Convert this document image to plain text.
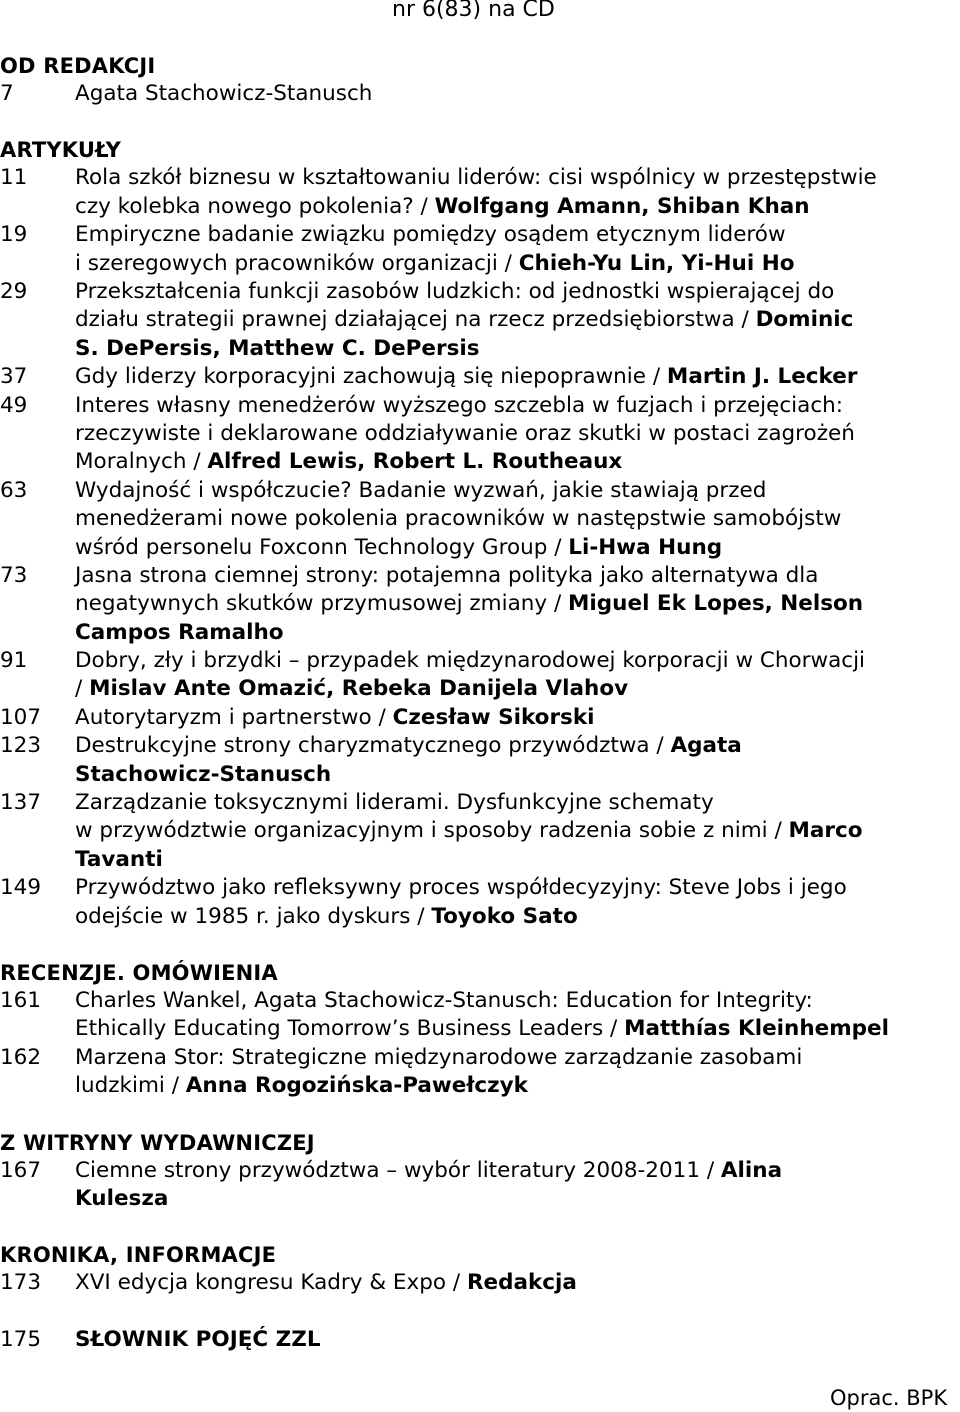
nr 6(83) na CD
OD REDAKCJI
7	Agata Stachowicz-Stanusch
ARTYKUŁY
11	Rola szkół biznesu w kształtowaniu liderów: cisi wspólnicy w przestępstwie
czy kolebka nowego pokolenia? / Wolfgang Amann, Shiban Khan
19	Empiryczne badanie związku pomiędzy osądem etycznym liderów
i szeregowych pracowników organizacji / Chieh-Yu Lin, Yi-Hui Ho
29	Przekształcenia funkcji zasobów ludzkich: od jednostki wspierającej do
działu strategii prawnej działającej na rzecz przedsiębiorstwa / Dominic
S. DePersis, Matthew C. DePersis
37	Gdy liderzy korporacyjni zachowują się niepoprawnie / Martin J. Lecker
49	Interes własny menedżerów wyższego szczebla w fuzjach i przejęciach:
rzeczywiste i deklarowane oddziaływanie oraz skutki w postaci zagrożeń
Moralnych / Alfred Lewis, Robert L. Routheaux
63	Wydajność i współczucie? Badanie wyzwań, jakie stawiają przed
menedżerami nowe pokolenia pracowników w następstwie samobójstw
wśród personelu Foxconn Technology Group / Li-Hwa Hung
73	Jasna strona ciemnej strony: potajemna polityka jako alternatywa dla
negatywnych skutków przymusowej zmiany / Miguel Ek Lopes, Nelson
Campos Ramalho
91	Dobry, zły i brzydki – przypadek międzynarodowej korporacji w Chorwacji
/ Mislav Ante Omazić, Rebeka Danijela Vlahov
107	Autorytaryzm i partnerstwo / Czesław Sikorski
123	Destrukcyjne strony charyzmatycznego przywództwa / Agata
Stachowicz-Stanusch
137	Zarządzanie toksycznymi liderami. Dysfunkcyjne schematy
w przywództwie organizacyjnym i sposoby radzenia sobie z nimi / Marco
Tavanti
149	Przywództwo jako refleksywny proces współdecyzyjny: Steve Jobs i jego
odejście w 1985 r. jako dyskurs / Toyoko Sato
RECENZJE. OMÓWIENIA
161	Charles Wankel, Agata Stachowicz-Stanusch: Education for Integrity:
Ethically Educating Tomorrow’s Business Leaders / Matthías Kleinhempel
162	Marzena Stor: Strategiczne międzynarodowe zarządzanie zasobami
ludzkimi / Anna Rogozińska-Pawełczyk
Z WITRYNY WYDAWNICZEJ
167	Ciemne strony przywództwa – wybór literatury 2008-2011 / Alina
Kulesza
KRONIKA, INFORMACJE
173	XVI edycja kongresu Kadry & Expo / Redakcja
175	SŁOWNIK POJĘĆ ZZL
Oprac. BPK
